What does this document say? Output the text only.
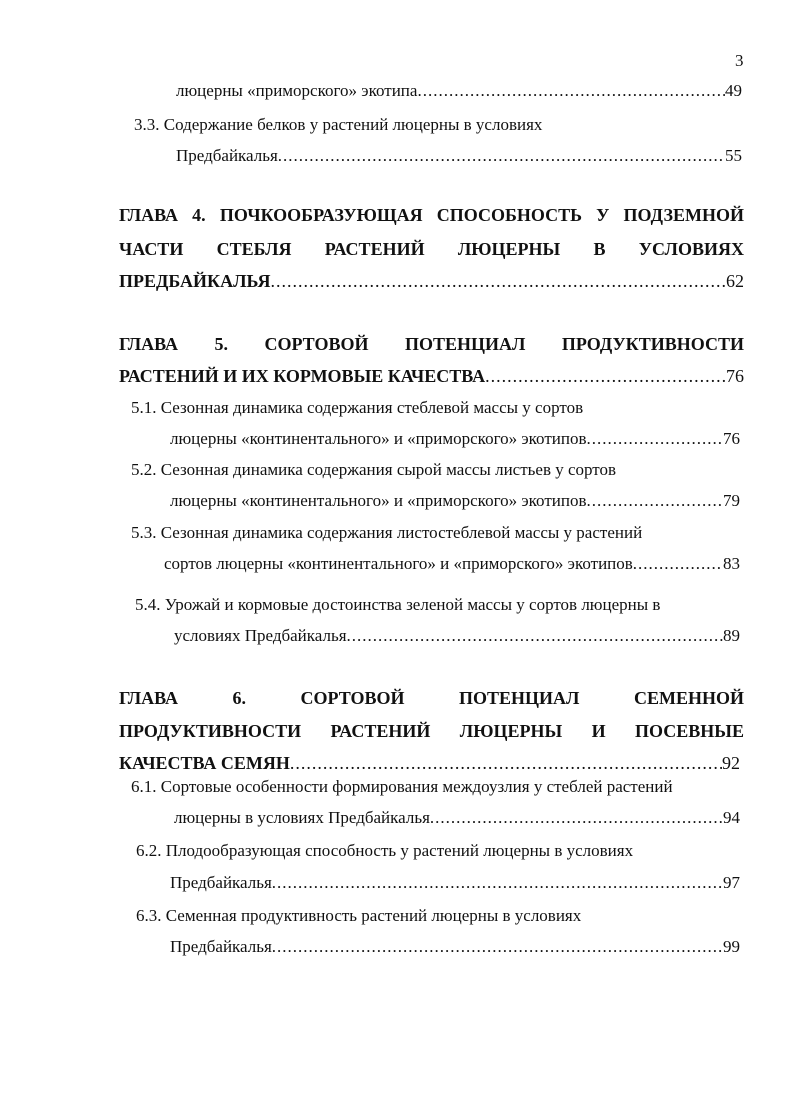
3
люцерны «приморского» экотипа .....	49
3.3. Содержание белков у растений люцерны в условиях
Предбайкалья .....	55
ГЛАВА 4. ПОЧКООБРАЗУЮЩАЯ СПОСОБНОСТЬ У ПОДЗЕМНОЙ
ЧАСТИ СТЕБЛЯ РАСТЕНИЙ ЛЮЦЕРНЫ В УСЛОВИЯХ
ПРЕДБАЙКАЛЬЯ .....	62
ГЛАВА 5. СОРТОВОЙ ПОТЕНЦИАЛ ПРОДУКТИВНОСТИ
РАСТЕНИЙ И ИХ КОРМОВЫЕ КАЧЕСТВА .....	76
5.1. Сезонная динамика содержания стеблевой массы у сортов
люцерны «континентального» и «приморского» экотипов .....	76
5.2. Сезонная динамика содержания сырой массы листьев у сортов
люцерны «континентального» и «приморского» экотипов .....	79
5.3. Сезонная динамика содержания листостеблевой массы у растений
сортов люцерны «континентального» и «приморского» экотипов .....	83
5.4. Урожай и кормовые достоинства зеленой массы у сортов люцерны в
условиях Предбайкалья .....	89
ГЛАВА	6.	СОРТОВОЙ	ПОТЕНЦИАЛ	СЕМЕННОЙ
ПРОДУКТИВНОСТИ РАСТЕНИЙ ЛЮЦЕРНЫ И ПОСЕВНЫЕ
КАЧЕСТВА СЕМЯН .....	92
6.1. Сортовые особенности формирования междоузлия у стеблей растений
люцерны в условиях Предбайкалья .....	94
6.2. Плодообразующая способность у растений люцерны в условиях
Предбайкалья .....	97
6.3. Семенная продуктивность растений люцерны в условиях
Предбайкалья .....	99
